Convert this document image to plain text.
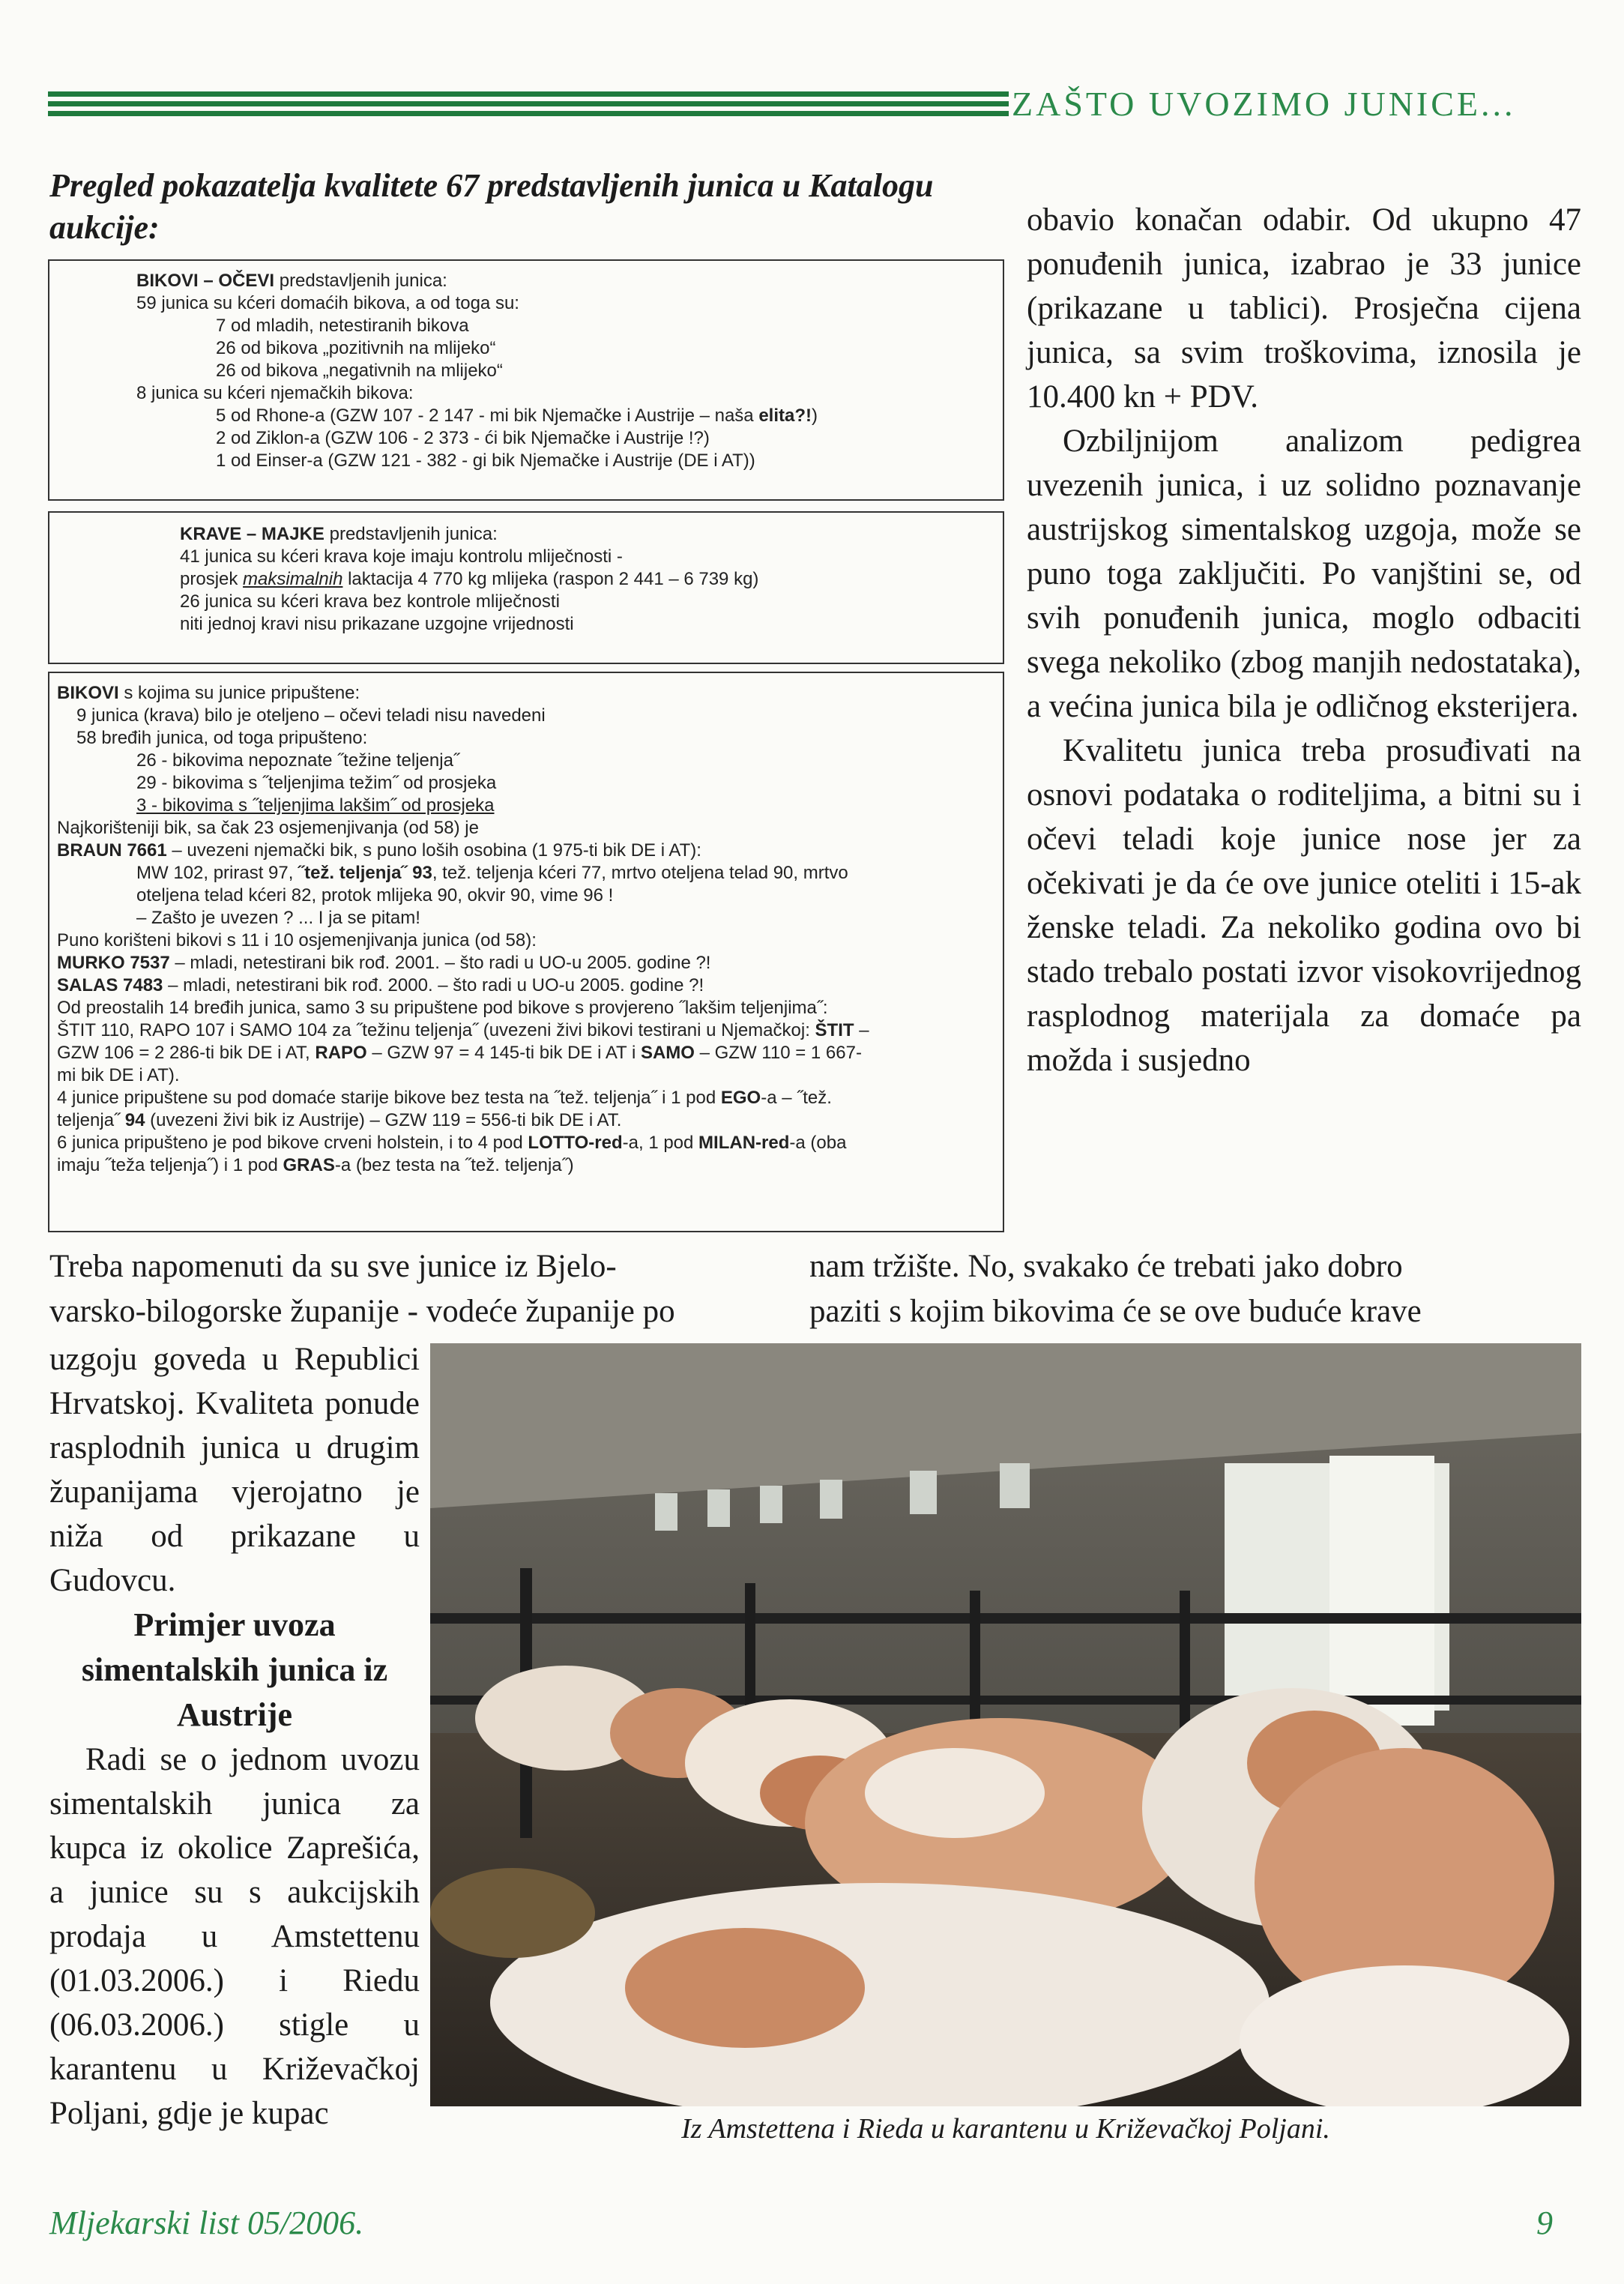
ZAŠTO UVOZIMO JUNICE...
Pregled pokazatelja kvalitete 67 predstavljenih junica u Katalogu aukcije:
BIKOVI – OČEVI predstavljenih junica:
59 junica su kćeri domaćih bikova, a od toga su:
7 od mladih, netestiranih bikova
26 od bikova „pozitivnih na mlijeko“
26 od bikova „negativnih na mlijeko“
8 junica su kćeri njemačkih bikova:
5 od Rhone-a (GZW 107 - 2 147 - mi bik Njemačke i Austrije – naša elita?!)
2 od Ziklon-a (GZW 106 - 2 373 - ći bik Njemačke i Austrije !?)
1 od Einser-a (GZW 121 - 382 - gi bik Njemačke i Austrije (DE i AT))
KRAVE – MAJKE predstavljenih junica:
41 junica su kćeri krava koje imaju kontrolu mliječnosti -
prosjek maksimalnih laktacija 4 770 kg mlijeka (raspon 2 441 – 6 739 kg)
26 junica su kćeri krava bez kontrole mliječnosti
niti jednoj kravi nisu prikazane uzgojne vrijednosti
BIKOVI s kojima su junice pripuštene:
9 junica (krava) bilo je oteljeno – očevi teladi nisu navedeni
58 bređih junica, od toga pripušteno:
26 - bikovima nepoznate ˝težine teljenja˝
29 - bikovima s ˝teljenjima težim˝ od prosjeka
3 - bikovima s ˝teljenjima lakšim˝ od prosjeka
Najkorišteniji bik, sa čak 23 osjemenjivanja (od 58) je
BRAUN 7661 – uvezeni njemački bik, s puno loših osobina (1 975-ti bik DE i AT):
MW 102, prirast 97, ˝tež. teljenja˝ 93, tež. teljenja kćeri 77, mrtvo oteljena telad 90, mrtvo
oteljena telad kćeri 82, protok mlijeka 90, okvir 90, vime 96 !
– Zašto je uvezen ? ... I ja se pitam!
Puno korišteni bikovi s 11 i 10 osjemenjivanja junica (od 58):
MURKO 7537 – mladi, netestirani bik rođ. 2001. – što radi u UO-u 2005. godine ?!
SALAS 7483 – mladi, netestirani bik rođ. 2000. – što radi u UO-u 2005. godine ?!
Od preostalih 14 bređih junica, samo 3 su pripuštene pod bikove s provjereno ˝lakšim teljenjima˝:
ŠTIT 110, RAPO 107 i SAMO 104 za ˝težinu teljenja˝ (uvezeni živi bikovi testirani u Njemačkoj: ŠTIT –
GZW 106 = 2 286-ti bik DE i AT, RAPO – GZW 97 = 4 145-ti bik DE i AT i SAMO – GZW 110 = 1 667-
mi bik DE i AT).
4 junice pripuštene su pod domaće starije bikove bez testa na ˝tež. teljenja˝ i 1 pod EGO-a – ˝tež.
teljenja˝ 94 (uvezeni živi bik iz Austrije) – GZW 119 = 556-ti bik DE i AT.
6 junica pripušteno je pod bikove crveni holstein, i to 4 pod LOTTO-red-a, 1 pod MILAN-red-a (oba
imaju ˝teža teljenja˝) i 1 pod GRAS-a (bez testa na ˝tež. teljenja˝)

obavio konačan odabir. Od ukupno 47 ponuđenih junica, izabrao je 33 junice (prikazane u tablici). Prosječna cijena junica, sa svim troškovima, iznosila je 10.400 kn + PDV.

Ozbiljnijom analizom pedigrea uvezenih junica, i uz solidno poznavanje austrijskog simentalskog uzgoja, može se puno toga zaključiti. Po vanjštini se, od svih ponuđenih junica, moglo odbaciti svega nekoliko (zbog manjih nedostataka), a većina junica bila je odličnog eksterijera.

Kvalitetu junica treba prosuđivati na osnovi podataka o roditeljima, a bitni su i očevi teladi koje junice nose jer za očekivati je da će ove junice oteliti i 15-ak ženske teladi. Za nekoliko godina ovo bi stado trebalo postati izvor visokovrijednog rasplodnog materijala za domaće pa možda i susjedno

Treba napomenuti da su sve junice iz Bjelo-	nam tržište. No, svakako će trebati jako dobro
varsko-bilogorske županije - vodeće županije po	paziti s kojim bikovima će se ove buduće krave

uzgoju goveda u Republici Hrvatskoj. Kvaliteta ponude rasplodnih junica u drugim županijama vjerojatno je niža od prikazane u Gudovcu.

Primjer uvoza simentalskih junica iz Austrije

Radi se o jednom uvozu simentalskih junica za kupca iz okolice Zaprešića, a junice su s aukcijskih prodaja u Amstettenu (01.03.2006.) i Riedu (06.03.2006.) stigle u karantenu u Križevačkoj Poljani, gdje je kupac	Iz Amstettena i Rieda u karantenu u Križevačkoj Poljani.
Mljekarski list 05/2006.	9
